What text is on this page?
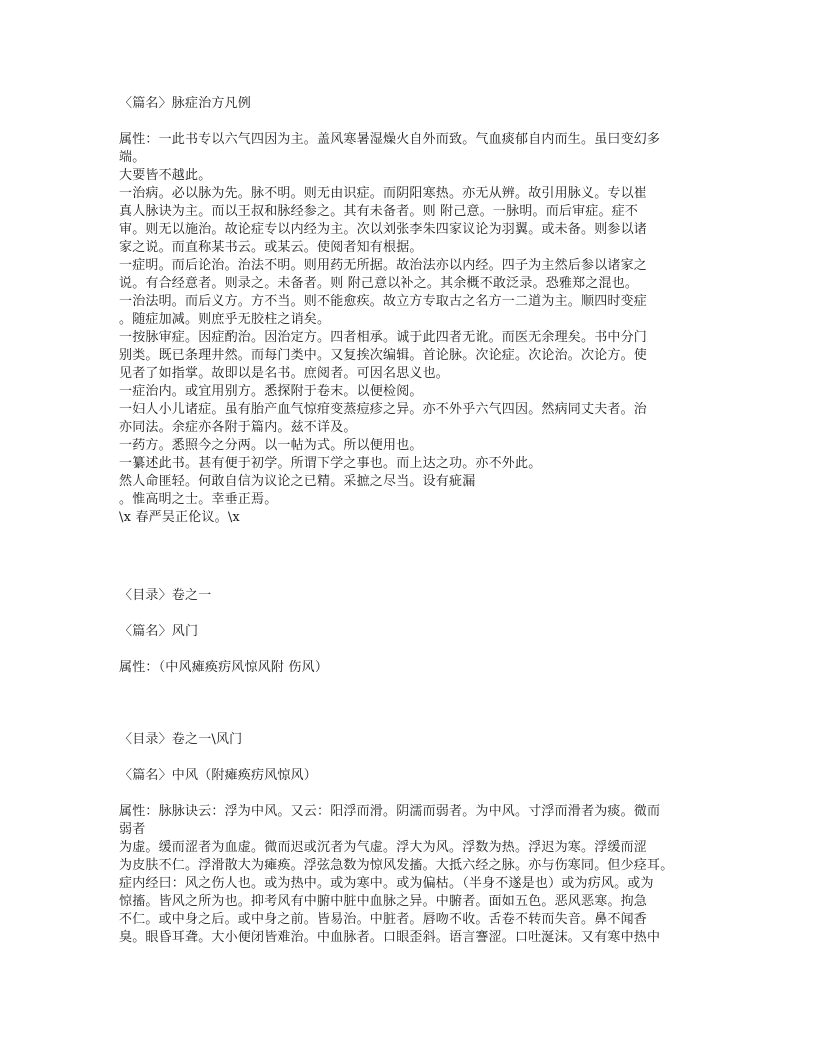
〈篇名〉脉症治方凡例
属性：一此书专以六气四因为主。盖风寒暑湿燥火自外而致。气血痰郁自内而生。虽曰变幻多
端。
大要皆不越此。
一治病。必以脉为先。脉不明。则无由识症。而阴阳寒热。亦无从辨。故引用脉义。专以崔
真人脉诀为主。而以王叔和脉经参之。其有未备者。则 附己意。一脉明。而后审症。症不
审。则无以施治。故论症专以内经为主。次以刘张李朱四家议论为羽翼。或未备。则参以诸
家之说。而直称某书云。或某云。使阅者知有根据。
一症明。而后论治。治法不明。则用药无所据。故治法亦以内经。四子为主然后参以诸家之
说。有合经意者。则录之。未备者。则 附己意以补之。其余概不敢泛录。恐雅郑之混也。
一治法明。而后义方。方不当。则不能愈疾。故立方专取古之名方一二道为主。顺四时变症
。随症加减。则庶乎无胶柱之诮矣。
一按脉审症。因症酌治。因治定方。四者相承。诚于此四者无讹。而医无余理矣。书中分门
别类。既已条理井然。而每门类中。又复挨次编辑。首论脉。次论症。次论治。次论方。使
见者了如指掌。故即以是名书。庶阅者。可因名思义也。
一症治内。或宜用别方。悉探附于卷末。以便检阅。
一妇人小儿诸症。虽有胎产血气惊疳变蒸痘疹之异。亦不外乎六气四因。然病同丈夫者。治
亦同法。余症亦各附于篇内。兹不详及。
一药方。悉照今之分两。以一帖为式。所以便用也。
一纂述此书。甚有便于初学。所谓下学之事也。而上达之功。亦不外此。
然人命匪轻。何敢自信为议论之已精。采摭之尽当。设有疵漏
。惟高明之士。幸垂正焉。
\x 春严吴正伦议。\x
〈目录〉卷之一
〈篇名〉风门
属性：（中风瘫痪疠风惊风附 伤风）
〈目录〉卷之一\风门
〈篇名〉中风（附瘫痪疠风惊风）
属性：脉脉诀云：浮为中风。又云：阳浮而滑。阴濡而弱者。为中风。寸浮而滑者为痰。微而
弱者
为虚。缓而涩者为血虚。微而迟或沉者为气虚。浮大为风。浮数为热。浮迟为寒。浮缓而涩
为皮肤不仁。浮滑散大为瘫痪。浮弦急数为惊风发搐。大抵六经之脉。亦与伤寒同。但少痉耳。
症内经曰：风之伤人也。或为热中。或为寒中。或为偏枯。（半身不遂是也）或为疠风。或为
惊搐。皆风之所为也。抑考风有中腑中脏中血脉之异。中腑者。面如五色。恶风恶寒。拘急
不仁。或中身之后。或中身之前。皆易治。中脏者。唇吻不收。舌卷不转而失音。鼻不闻香
臭。眼昏耳聋。大小便闭皆难治。中血脉者。口眼歪斜。语言謇涩。口吐涎沫。又有寒中热中
